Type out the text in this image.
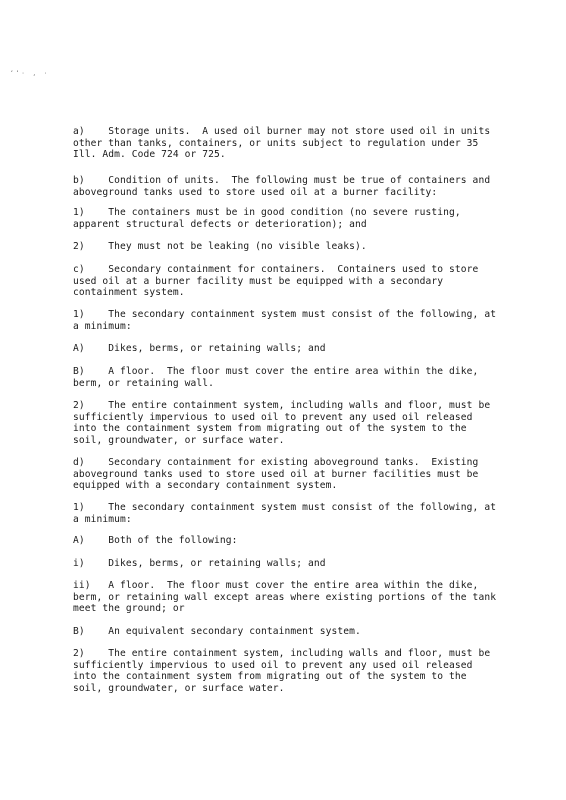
ʻʻ· , ·

a)    Storage units.  A used oil burner may not store used oil in units
other than tanks, containers, or units subject to regulation under 35
Ill. Adm. Code 724 or 725.

b)    Condition of units.  The following must be true of containers and
aboveground tanks used to store used oil at a burner facility:

1)    The containers must be in good condition (no severe rusting,
apparent structural defects or deterioration); and

2)    They must not be leaking (no visible leaks).

c)    Secondary containment for containers.  Containers used to store
used oil at a burner facility must be equipped with a secondary
containment system.

1)    The secondary containment system must consist of the following, at
a minimum:

A)    Dikes, berms, or retaining walls; and

B)    A floor.  The floor must cover the entire area within the dike,
berm, or retaining wall.

2)    The entire containment system, including walls and floor, must be
sufficiently impervious to used oil to prevent any used oil released
into the containment system from migrating out of the system to the
soil, groundwater, or surface water.

d)    Secondary containment for existing aboveground tanks.  Existing
aboveground tanks used to store used oil at burner facilities must be
equipped with a secondary containment system.

1)    The secondary containment system must consist of the following, at
a minimum:

A)    Both of the following:

i)    Dikes, berms, or retaining walls; and

ii)   A floor.  The floor must cover the entire area within the dike,
berm, or retaining wall except areas where existing portions of the tank
meet the ground; or

B)    An equivalent secondary containment system.

2)    The entire containment system, including walls and floor, must be
sufficiently impervious to used oil to prevent any used oil released
into the containment system from migrating out of the system to the
soil, groundwater, or surface water.
